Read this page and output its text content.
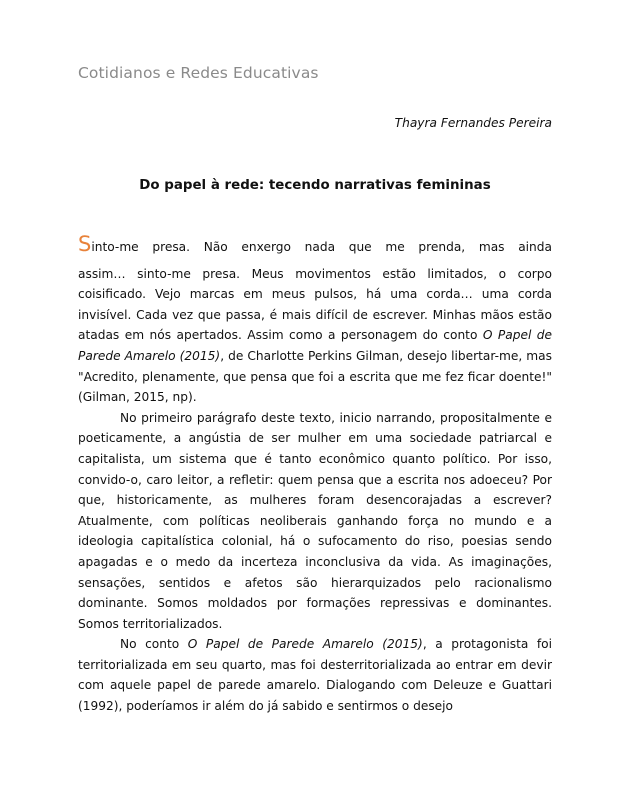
Cotidianos e Redes Educativas
Thayra Fernandes Pereira
Do papel à rede: tecendo narrativas femininas

Sinto-me presa. Não enxergo nada que me prenda, mas ainda
assim… sinto-me presa. Meus movimentos estão limitados, o corpo coisificado. Vejo marcas em meus pulsos, há uma corda… uma corda invisível. Cada vez que passa, é mais difícil de escrever. Minhas mãos estão atadas em nós apertados. Assim como a personagem do conto O Papel de Parede Amarelo (2015), de Charlotte Perkins Gilman, desejo libertar-me, mas "Acredito, plenamente, que pensa que foi a escrita que me fez ficar doente!" (Gilman, 2015, np).

No primeiro parágrafo deste texto, inicio narrando, propositalmente e poeticamente, a angústia de ser mulher em uma sociedade patriarcal e capitalista, um sistema que é tanto econômico quanto político. Por isso, convido-o, caro leitor, a refletir: quem pensa que a escrita nos adoeceu? Por que, historicamente, as mulheres foram desencorajadas a escrever? Atualmente, com políticas neoliberais ganhando força no mundo e a ideologia capitalística colonial, há o sufocamento do riso, poesias sendo apagadas e o medo da incerteza inconclusiva da vida. As imaginações, sensações, sentidos e afetos são hierarquizados pelo racionalismo dominante. Somos moldados por formações repressivas e dominantes. Somos territorializados.

No conto O Papel de Parede Amarelo (2015), a protagonista foi territorializada em seu quarto, mas foi desterritorializada ao entrar em devir com aquele papel de parede amarelo. Dialogando com Deleuze e Guattari (1992), poderíamos ir além do já sabido e sentirmos o desejo
